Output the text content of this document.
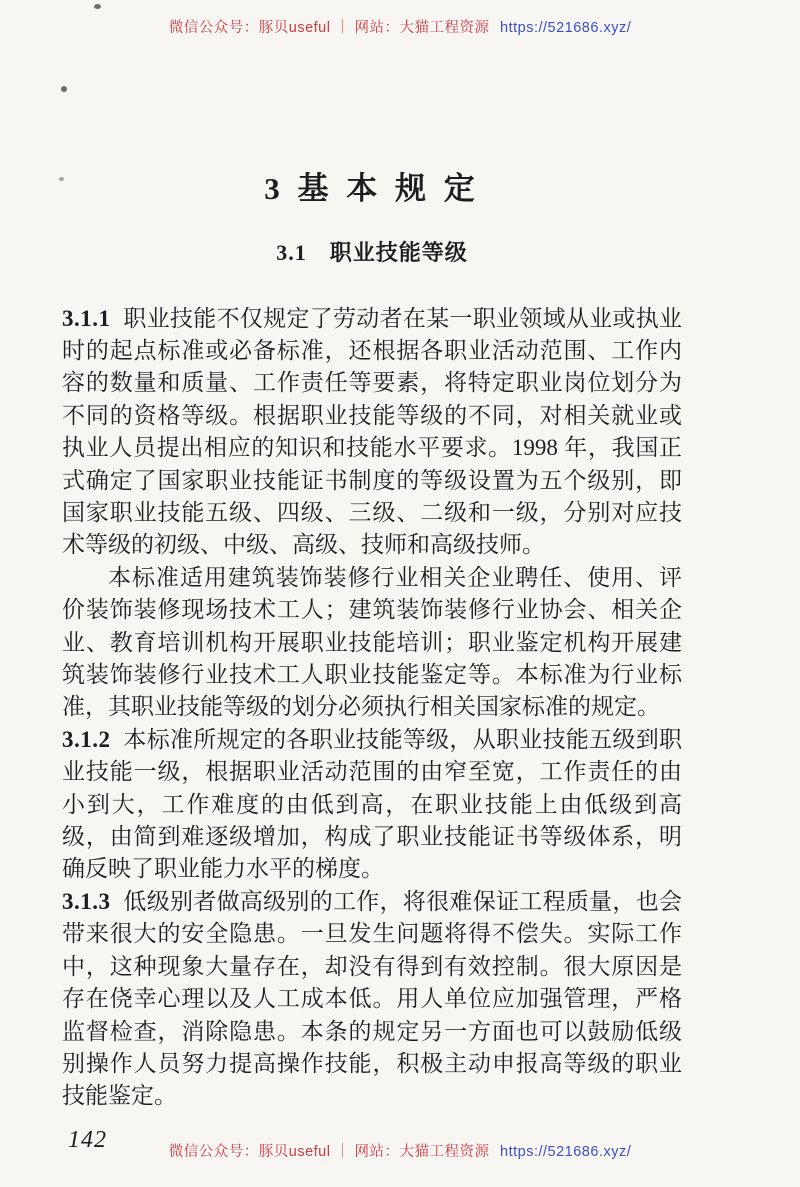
微信公众号：豚贝useful ｜ 网站：大猫工程资源 https://521686.xyz/
3 基 本 规 定
3.1　职业技能等级

3.1.1 职业技能不仅规定了劳动者在某一职业领域从业或执业时的起点标准或必备标准，还根据各职业活动范围、工作内容的数量和质量、工作责任等要素，将特定职业岗位划分为不同的资格等级。根据职业技能等级的不同，对相关就业或执业人员提出相应的知识和技能水平要求。1998 年，我国正式确定了国家职业技能证书制度的等级设置为五个级别，即国家职业技能五级、四级、三级、二级和一级，分别对应技术等级的初级、中级、高级、技师和高级技师。

本标准适用建筑装饰装修行业相关企业聘任、使用、评价装饰装修现场技术工人；建筑装饰装修行业协会、相关企业、教育培训机构开展职业技能培训；职业鉴定机构开展建筑装饰装修行业技术工人职业技能鉴定等。本标准为行业标准，其职业技能等级的划分必须执行相关国家标准的规定。

3.1.2 本标准所规定的各职业技能等级，从职业技能五级到职业技能一级，根据职业活动范围的由窄至宽，工作责任的由小到大，工作难度的由低到高，在职业技能上由低级到高级，由简到难逐级增加，构成了职业技能证书等级体系，明确反映了职业能力水平的梯度。

3.1.3 低级别者做高级别的工作，将很难保证工程质量，也会带来很大的安全隐患。一旦发生问题将得不偿失。实际工作中，这种现象大量存在，却没有得到有效控制。很大原因是存在侥幸心理以及人工成本低。用人单位应加强管理，严格监督检查，消除隐患。本条的规定另一方面也可以鼓励低级别操作人员努力提高操作技能，积极主动申报高等级的职业技能鉴定。

142	微信公众号：豚贝useful ｜ 网站：大猫工程资源 https://521686.xyz/
